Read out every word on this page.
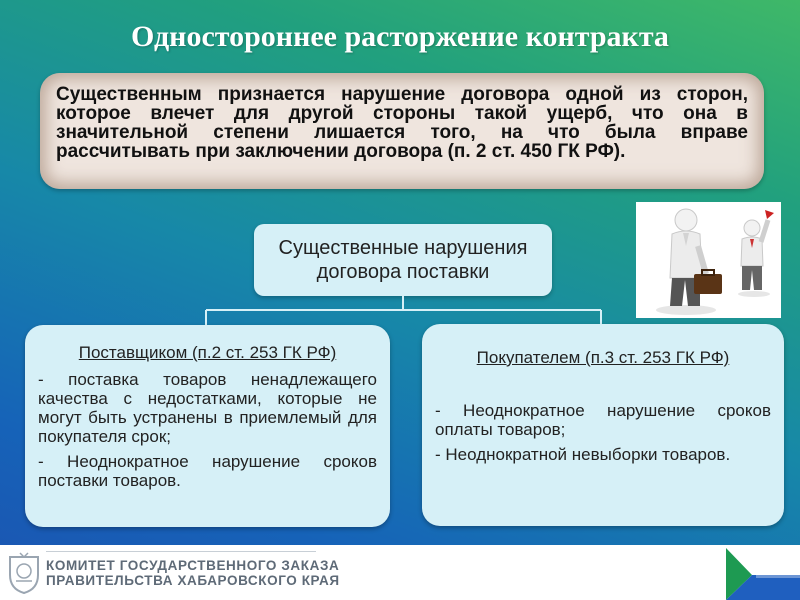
Одностороннее расторжение контракта

Существенным признается нарушение договора одной из сторон, которое влечет для другой стороны такой ущерб, что она в значительной степени лишается того, на что была вправе рассчитывать при заключении договора (п. 2 ст. 450 ГК РФ).

Существенные нарушения
договора поставки
Поставщиком (п.2 ст. 253 ГК РФ)

- поставка товаров ненадлежащего качества с недостатками, которые не могут быть устранены в приемлемый для покупателя срок;

- Неоднократное нарушение сроков поставки товаров.

Покупателем (п.3 ст. 253 ГК РФ)

- Неоднократное нарушение сроков оплаты товаров;

- Неоднократной невыборки товаров.

КОМИТЕТ ГОСУДАРСТВЕННОГО ЗАКАЗА
ПРАВИТЕЛЬСТВА ХАБАРОВСКОГО КРАЯ
